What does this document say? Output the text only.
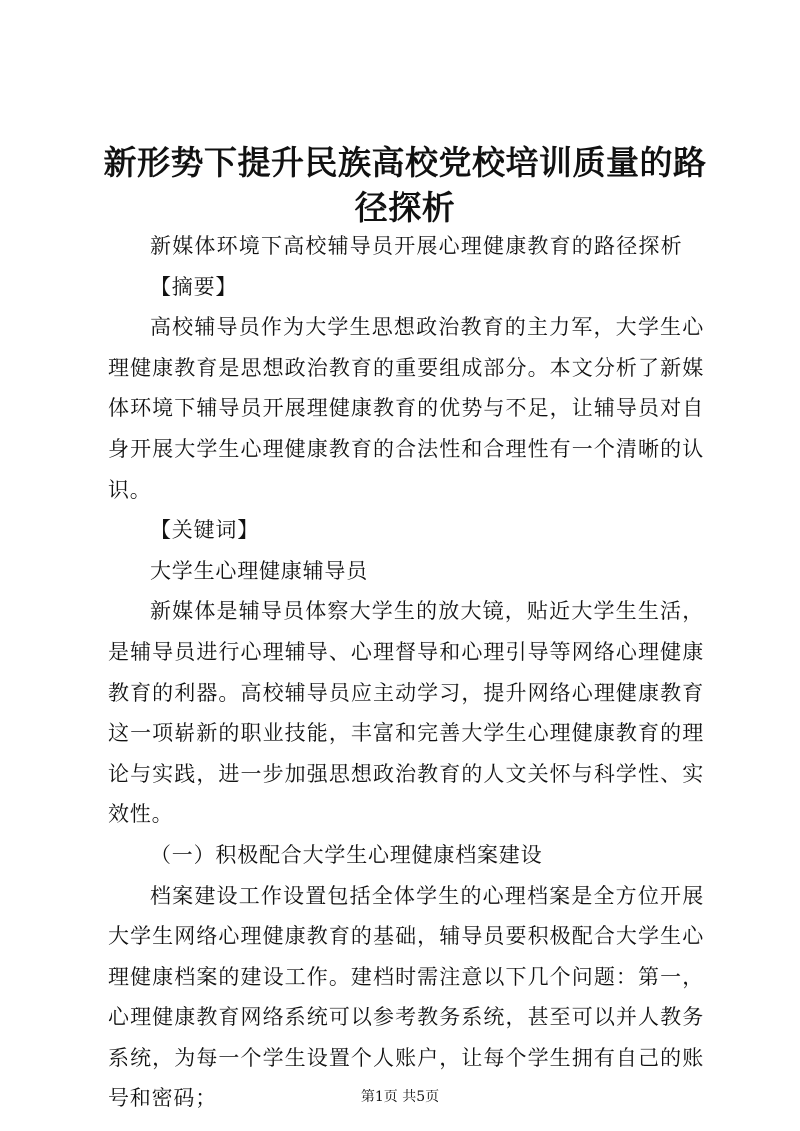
新形势下提升民族高校党校培训质量的路径探析

新媒体环境下高校辅导员开展心理健康教育的路径探析

【摘要】

高校辅导员作为大学生思想政治教育的主力军，大学生心理健康教育是思想政治教育的重要组成部分。本文分析了新媒体环境下辅导员开展理健康教育的优势与不足，让辅导员对自身开展大学生心理健康教育的合法性和合理性有一个清晰的认识。

【关键词】

大学生心理健康辅导员

新媒体是辅导员体察大学生的放大镜，贴近大学生生活，是辅导员进行心理辅导、心理督导和心理引导等网络心理健康教育的利器。高校辅导员应主动学习，提升网络心理健康教育这一项崭新的职业技能，丰富和完善大学生心理健康教育的理论与实践，进一步加强思想政治教育的人文关怀与科学性、实效性。

（一）积极配合大学生心理健康档案建设

档案建设工作设置包括全体学生的心理档案是全方位开展大学生网络心理健康教育的基础，辅导员要积极配合大学生心理健康档案的建设工作。建档时需注意以下几个问题：第一，心理健康教育网络系统可以参考教务系统，甚至可以并人教务系统，为每一个学生设置个人账户，让每个学生拥有自己的账号和密码；	第1页 共5页
